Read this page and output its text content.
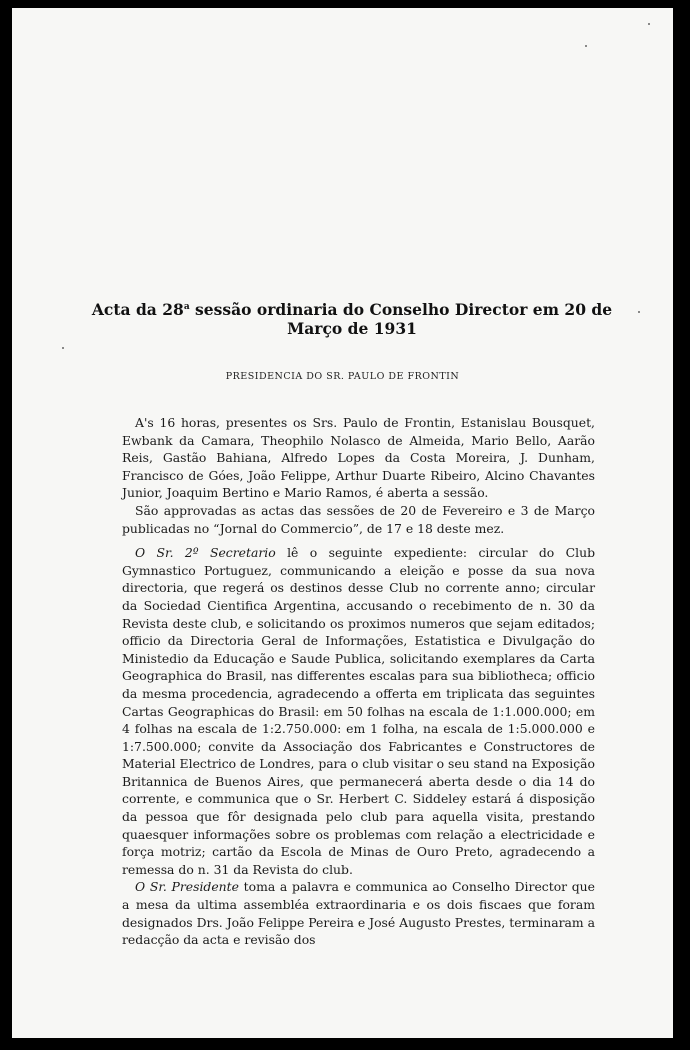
Acta da 28$^a$ sessão ordinaria do Conselho Director em 20 de
Março de 1931
PRESIDENCIA DO SR. PAULO DE FRONTIN

A's 16 horas, presentes os Srs. Paulo de Frontin, Estanislau Bousquet, Ewbank da Camara, Theophilo Nolasco de Almeida, Mario Bello, Aarão Reis, Gastão Bahiana, Alfredo Lopes da Costa Moreira, J. Dunham, Francisco de Góes, João Felippe, Arthur Duarte Ribeiro, Alcino Chavantes Junior, Joaquim Bertino e Mario Ramos, é aberta a sessão.

São approvadas as actas das sessões de 20 de Fevereiro e 3 de Março publicadas no “Jornal do Commercio”, de 17 e 18 deste mez.

O Sr. 2º Secretario lê o seguinte expediente: circular do Club Gymnastico Portuguez, communicando a eleição e posse da sua nova directoria, que regerá os destinos desse Club no corrente anno; circular da Sociedad Cientifica Argentina, accusando o recebimento de n. 30 da Revista deste club, e solicitando os proximos numeros que sejam editados; officio da Directoria Geral de Informações, Estatistica e Divulgação do Ministedio da Educação e Saude Publica, solicitando exemplares da Carta Geographica do Brasil, nas differentes escalas para sua bibliotheca; officio da mesma procedencia, agradecendo a offerta em triplicata das seguintes Cartas Geographicas do Brasil: em 50 folhas na escala de 1:1.000.000; em 4 folhas na escala de 1:2.750.000: em 1 folha, na escala de 1:5.000.000 e 1:7.500.000; convite da Associação dos Fabricantes e Constructores de Material Electrico de Londres, para o club visitar o seu stand na Exposição Britannica de Buenos Aires, que permanecerá aberta desde o dia 14 do corrente, e communica que o Sr. Herbert C. Siddeley estará á disposição da pessoa que fôr designada pelo club para aquella visita, prestando quaesquer informações sobre os problemas com relação a electricidade e força motriz; cartão da Escola de Minas de Ouro Preto, agradecendo a remessa do n. 31 da Revista do club.

O Sr. Presidente toma a palavra e communica ao Conselho Director que a mesa da ultima assembléa extraordinaria e os dois fiscaes que foram designados Drs. João Felippe Pereira e José Augusto Prestes, terminaram a redacção da acta e revisão dos
